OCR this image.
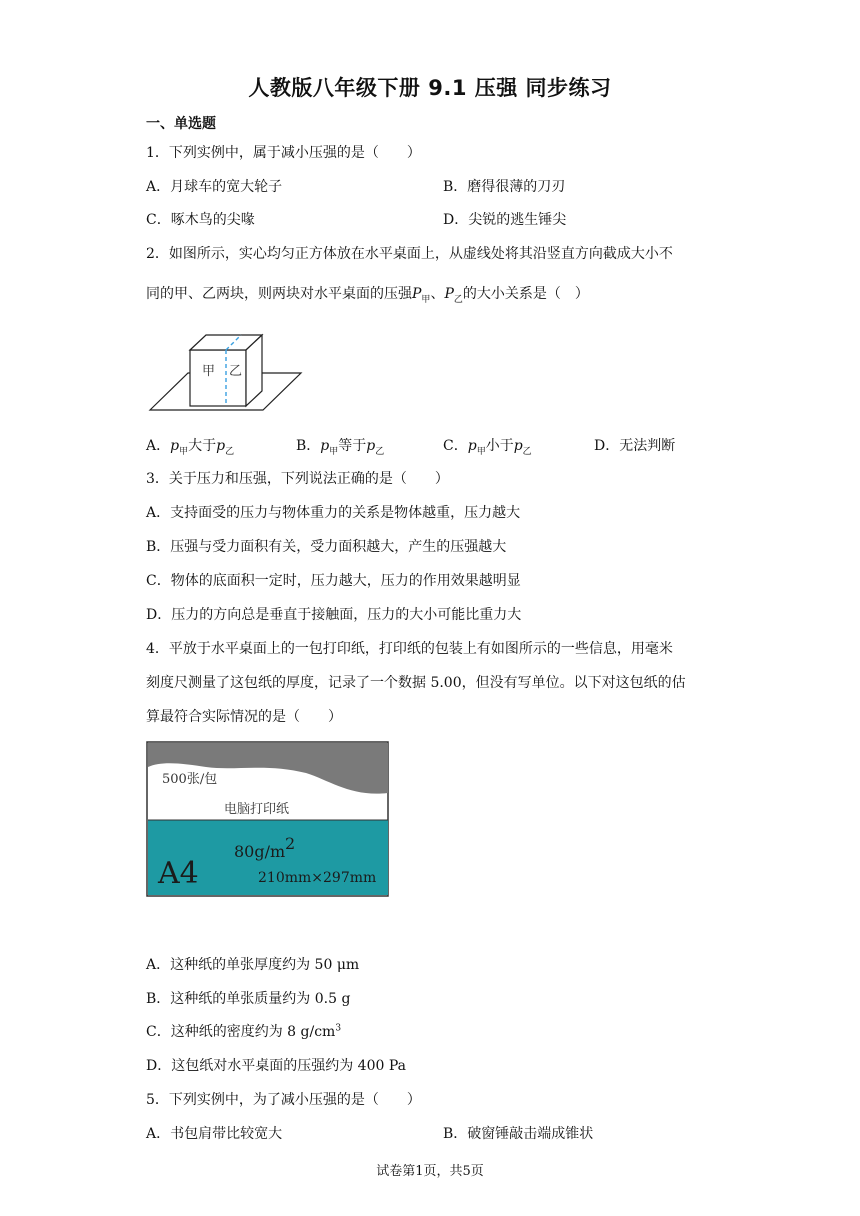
人教版八年级下册 9.1 压强 同步练习
一、单选题
1．下列实例中，属于减小压强的是（　　）
A．月球车的宽大轮子	B．磨得很薄的刀刃
C．啄木鸟的尖喙	D．尖锐的逃生锤尖
2．如图所示，实心均匀正方体放在水平桌面上，从虚线处将其沿竖直方向截成大小不
同的甲、乙两块，则两块对水平桌面的压强$P_甲$、$P_乙$的大小关系是（　）
甲 乙
A．$p_甲$大于$p_乙$	B．$p_甲$等于$p_乙$	C．$p_甲$小于$p_乙$	D．无法判断
3．关于压力和压强，下列说法正确的是（　　）
A．支持面受的压力与物体重力的关系是物体越重，压力越大
B．压强与受力面积有关，受力面积越大，产生的压强越大
C．物体的底面积一定时，压力越大，压力的作用效果越明显
D．压力的方向总是垂直于接触面，压力的大小可能比重力大
4．平放于水平桌面上的一包打印纸，打印纸的包装上有如图所示的一些信息，用毫米
刻度尺测量了这包纸的厚度，记录了一个数据 5.00，但没有写单位。以下对这包纸的估
算最符合实际情况的是（　　）
500张/包
电脑打印纸
A4
80g/m 2
210mm×297mm
A．这种纸的单张厚度约为 50 μm
B．这种纸的单张质量约为 0.5 g
C．这种纸的密度约为 8 $g/cm^3$
D．这包纸对水平桌面的压强约为 400 Pa
5．下列实例中，为了减小压强的是（　　）
A．书包肩带比较宽大	B．破窗锤敲击端成锥状
试卷第1页，共5页
